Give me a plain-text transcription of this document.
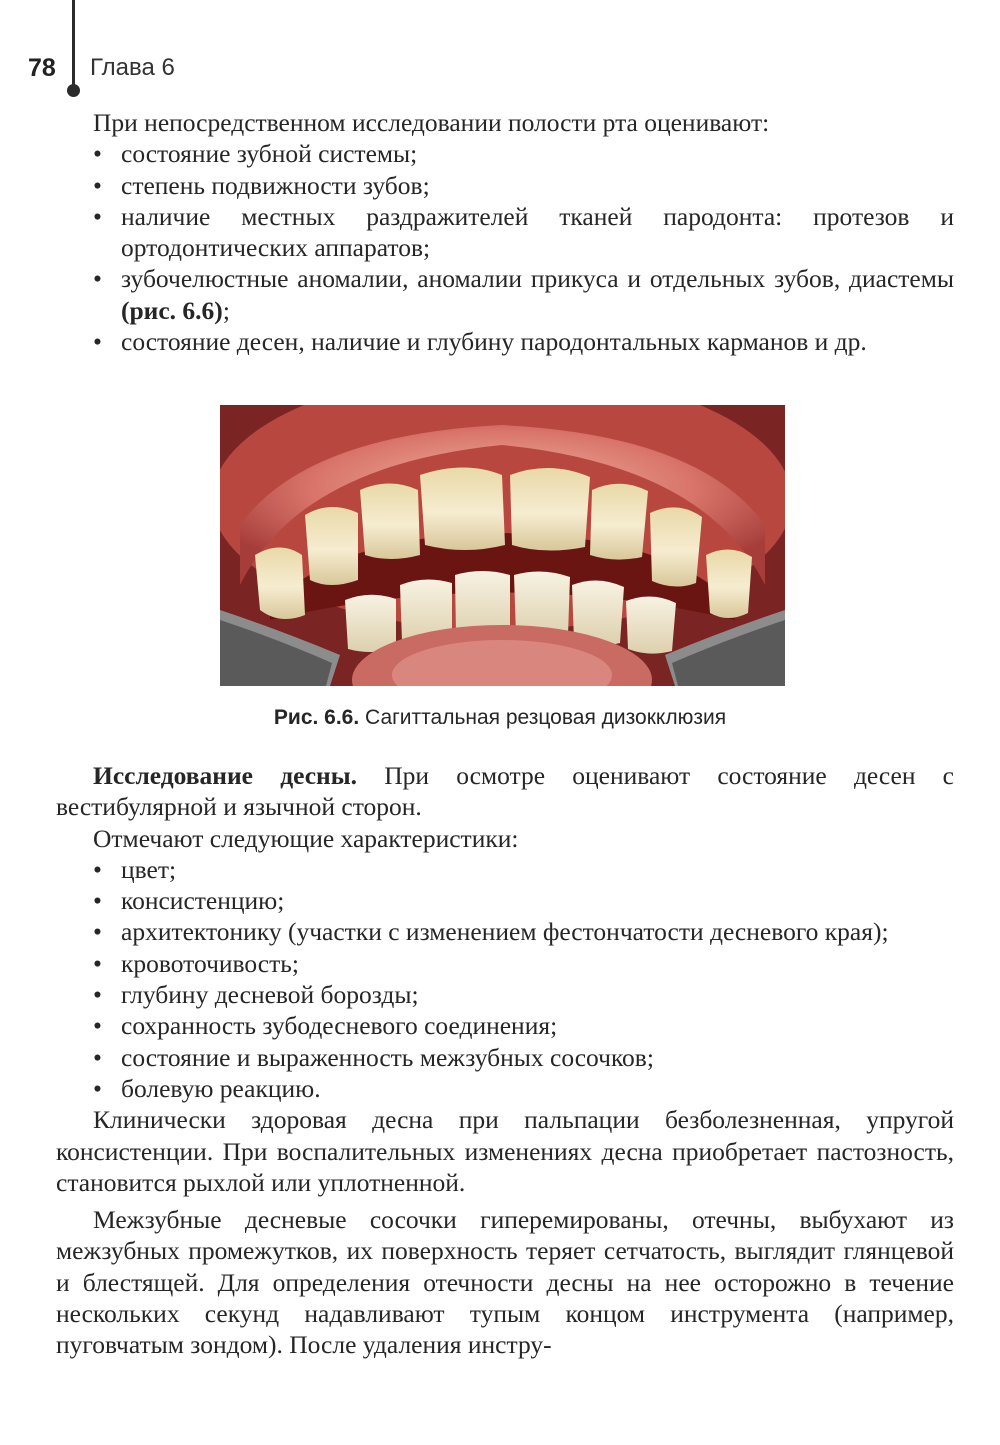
78 Глава 6

При непосредственном исследовании полости рта оценивают:

• состояние зубной системы;
• степень подвижности зубов;
• наличие местных раздражителей тканей пародонта: протезов и ортодонтических аппаратов;
• зубочелюстные аномалии, аномалии прикуса и отдельных зубов, диастемы (рис. 6.6);
• состояние десен, наличие и глубину пародонтальных карманов и др.
Рис. 6.6. Сагиттальная резцовая дизокклюзия

Исследование десны. При осмотре оценивают состояние десен с вестибулярной и язычной сторон.

Отмечают следующие характеристики:

• цвет;
• консистенцию;
• архитектонику (участки с изменением фестончатости десневого края);
• кровоточивость;
• глубину десневой борозды;
• сохранность зубодесневого соединения;
• состояние и выраженность межзубных сосочков;
• болевую реакцию.

Клинически здоровая десна при пальпации безболезненная, упругой консистенции. При воспалительных изменениях десна приобретает пастозность, становится рыхлой или уплотненной.

Межзубные десневые сосочки гиперемированы, отечны, выбухают из межзубных промежутков, их поверхность теряет сетчатость, выглядит глянцевой и блестящей. Для определения отечности десны на нее осторожно в течение нескольких секунд надавливают тупым концом инструмента (например, пуговчатым зондом). После удаления инстру-
